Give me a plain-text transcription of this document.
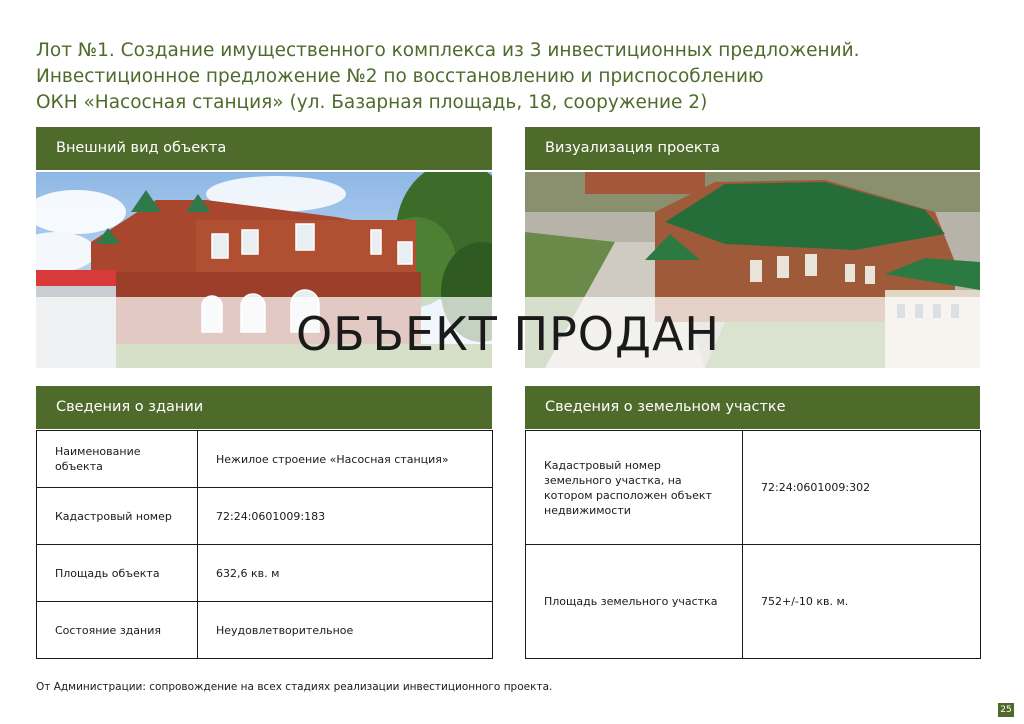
Лот №1. Создание имущественного комплекса из 3 инвестиционных предложений.
Инвестиционное предложение №2 по восстановлению и приспособлению
ОКН «Насосная станция» (ул. Базарная площадь, 18, сооружение 2)
Внешний вид объекта	Визуализация проекта
ОБЪЕКТ ПРОДАН
Сведения о здании
Наименование объекта	Нежилое строение «Насосная станция»
Кадастровый номер	72:24:0601009:183
Площадь объекта	632,6 кв. м
Состояние здания	Неудовлетворительное
Сведения о земельном участке
Кадастровый номер земельного участка, на котором расположен объект недвижимости	72:24:0601009:302
Площадь земельного участка	752+/-10 кв. м.
От Администрации: сопровождение на всех стадиях реализации инвестиционного проекта.
25
